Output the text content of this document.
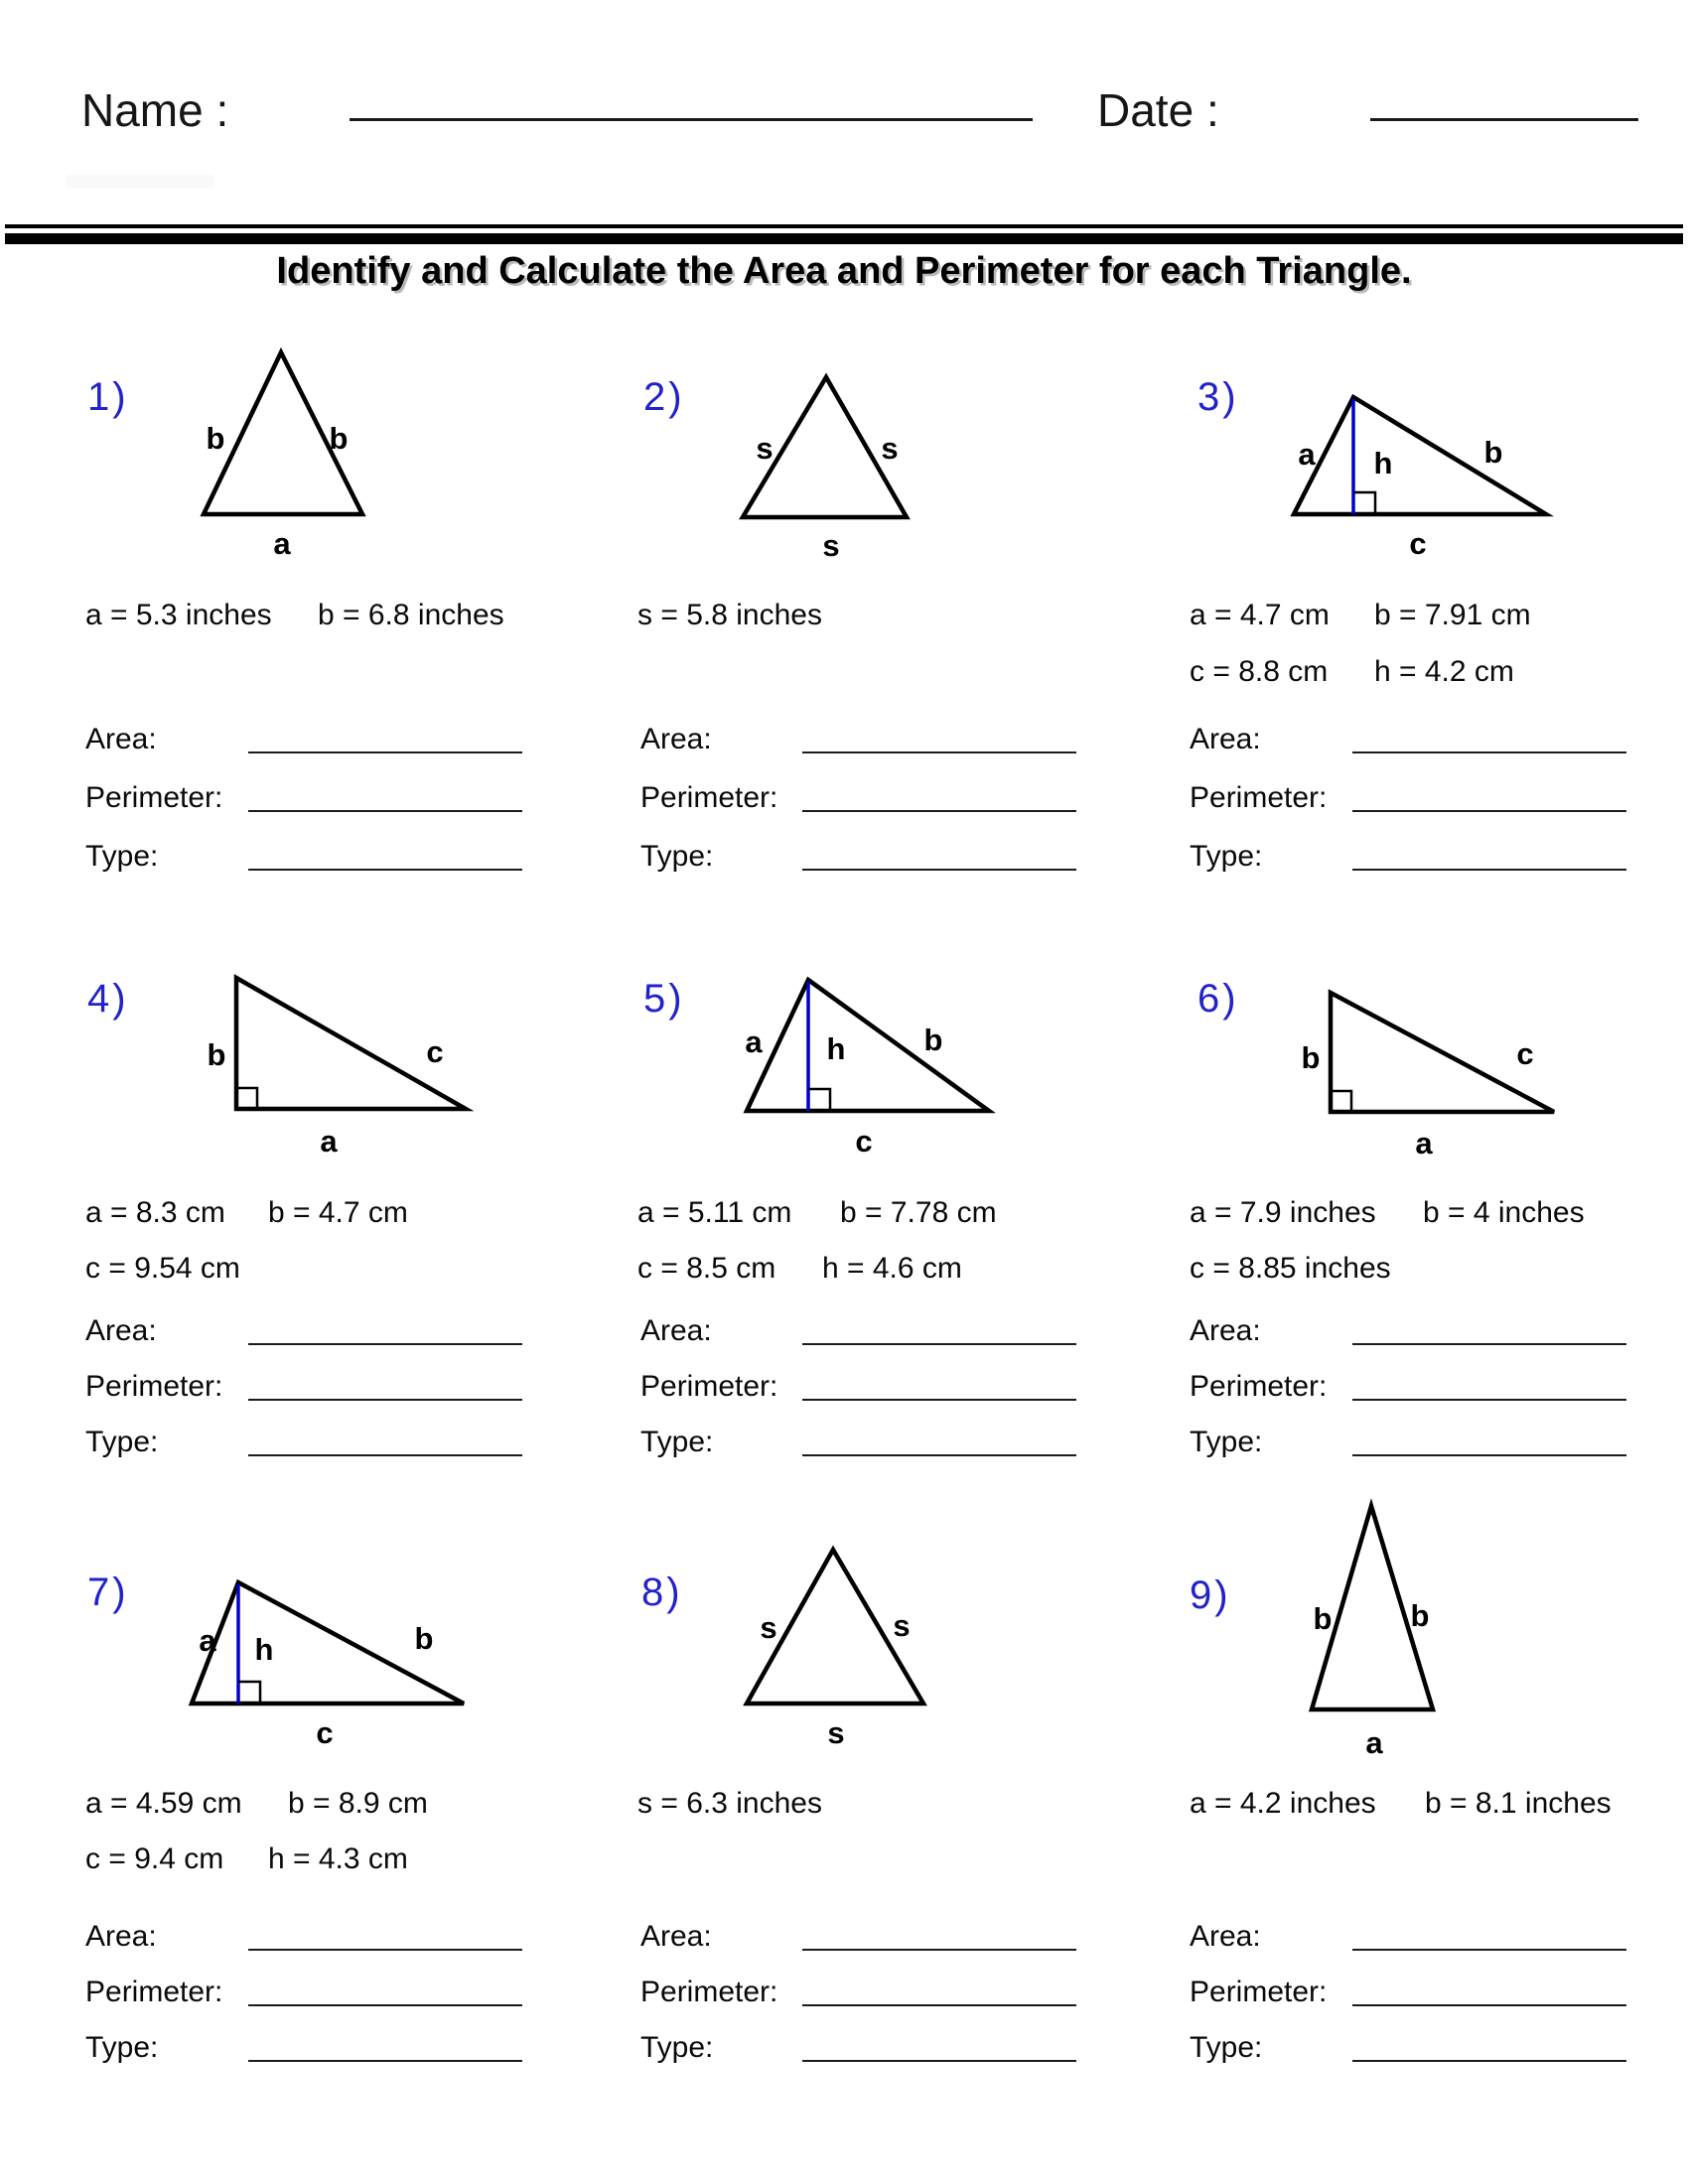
Name :	Date :
Identify and Calculate the Area and Perimeter for each Triangle.
1)	2)	3)
4)	5)	6)
7)	8)	9)
b	b
a
s	s
s
a h	b
c
b	c
a
a h	b
c
b	c
a
a h	b
c
s	s
s
b	b
a
a = 5.3 inches b = 6.8 inches	s = 5.8 inches	a = 4.7 cm b = 7.91 cm
c = 8.8 cm h = 4.2 cm
a = 8.3 cm b = 4.7 cm
c = 9.54 cm
a = 5.11 cm b = 7.78 cm
c = 8.5 cm h = 4.6 cm
a = 7.9 inches b = 4 inches
c = 8.85 inches
a = 4.59 cm b = 8.9 cm
c = 9.4 cm h = 4.3 cm
s = 6.3 inches	a = 4.2 inches b = 8.1 inches
Area:
Perimeter:
Type:
Area:
Perimeter:
Type:
Area:
Perimeter:
Type:
Area:
Perimeter:
Type:
Area:
Perimeter:
Type:
Area:
Perimeter:
Type:
Area:
Perimeter:
Type:
Area:
Perimeter:
Type:
Area:
Perimeter:
Type:
